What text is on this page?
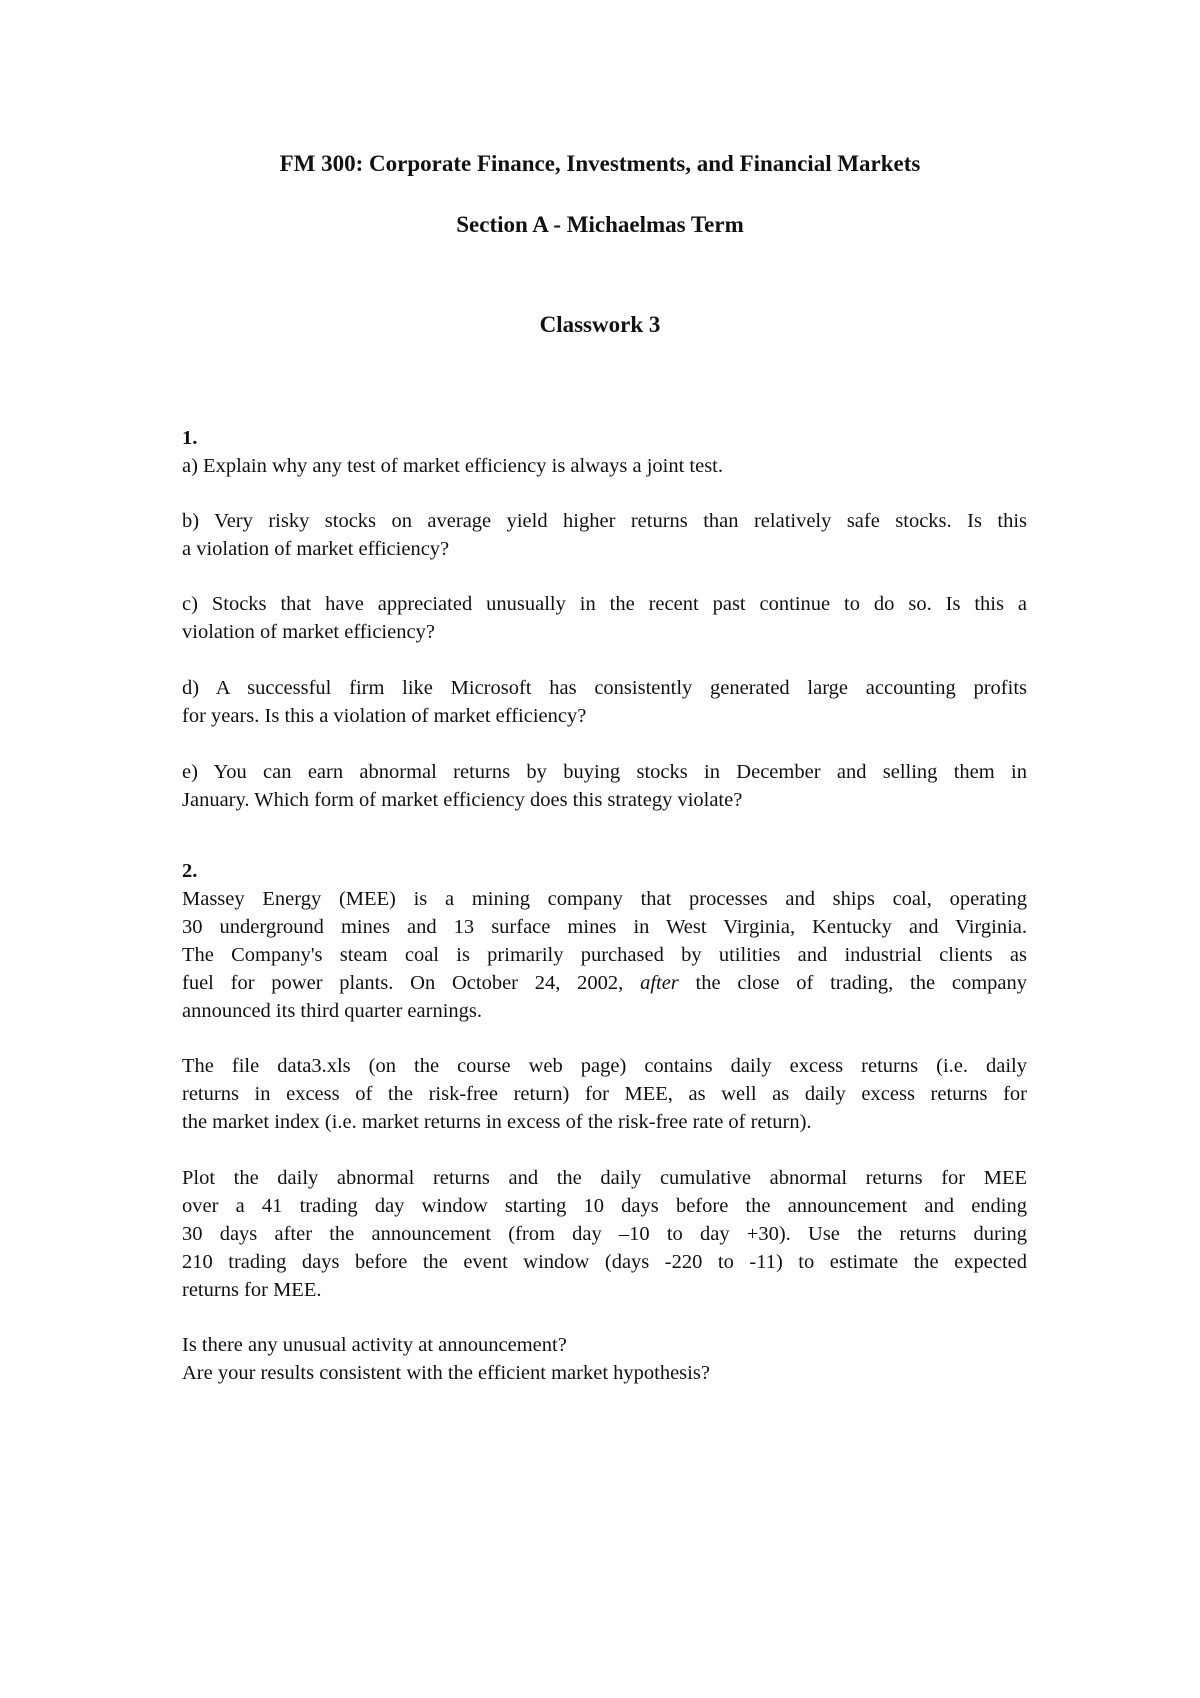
FM 300: Corporate Finance, Investments, and Financial Markets
Section A - Michaelmas Term
Classwork 3
1.
a) Explain why any test of market efficiency is always a joint test.
b) Very risky stocks on average yield higher returns than relatively safe stocks. Is this
a violation of market efficiency?
c) Stocks that have appreciated unusually in the recent past continue to do so. Is this a
violation of market efficiency?
d) A successful firm like Microsoft has consistently generated large accounting profits
for years. Is this a violation of market efficiency?
e) You can earn abnormal returns by buying stocks in December and selling them in
January. Which form of market efficiency does this strategy violate?
2.
Massey Energy (MEE) is a mining company that processes and ships coal, operating
30 underground mines and 13 surface mines in West Virginia, Kentucky and Virginia.
The Company's steam coal is primarily purchased by utilities and industrial clients as
fuel for power plants. On October 24, 2002, after the close of trading, the company
announced its third quarter earnings.
The file data3.xls (on the course web page) contains daily excess returns (i.e. daily
returns in excess of the risk-free return) for MEE, as well as daily excess returns for
the market index (i.e. market returns in excess of the risk-free rate of return).
Plot the daily abnormal returns and the daily cumulative abnormal returns for MEE
over a 41 trading day window starting 10 days before the announcement and ending
30 days after the announcement (from day –10 to day +30). Use the returns during
210 trading days before the event window (days -220 to -11) to estimate the expected
returns for MEE.
Is there any unusual activity at announcement?
Are your results consistent with the efficient market hypothesis?
